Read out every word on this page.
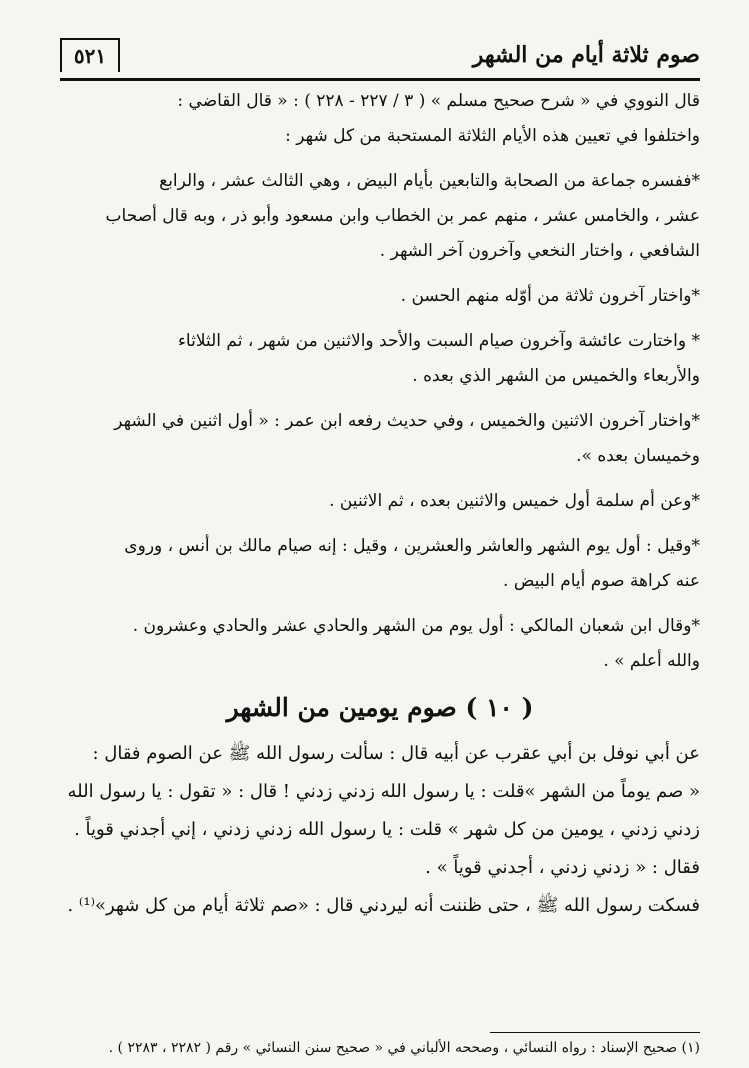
٥٢١	صوم ثلاثة أيام من الشهر
قال النووي في « شرح صحيح مسلم » ( ٣ / ٢٢٧ - ٢٢٨ ) : « قال القاضي :
واختلفوا في تعيين هذه الأيام الثلاثة المستحبة من كل شهر :
*ففسره جماعة من الصحابة والتابعين بأيام البيض ، وهي الثالث عشر ، والرابع
عشر ، والخامس عشر ، منهم عمر بن الخطاب وابن مسعود وأبو ذر ، وبه قال أصحاب
الشافعي ، واختار النخعي وآخرون آخر الشهر .
*واختار آخرون ثلاثة من أوّله منهم الحسن .
* واختارت عائشة وآخرون صيام السبت والأحد والاثنين من شهر ، ثم الثلاثاء
والأربعاء والخميس من الشهر الذي بعده .
*واختار آخرون الاثنين والخميس ، وفي حديث رفعه ابن عمر : « أول اثنين في الشهر
وخميسان بعده ».
*وعن أم سلمة أول خميس والاثنين بعده ، ثم الاثنين .
*وقيل : أول يوم الشهر والعاشر والعشرين ، وقيل : إنه صيام مالك بن أنس ، وروى
عنه كراهة صوم أيام البيض .
*وقال ابن شعبان المالكي : أول يوم من الشهر والحادي عشر والحادي وعشرون .
والله أعلم » .
( ١٠ ) صوم يومين من الشهر
عن أبي نوفل بن أبي عقرب عن أبيه قال : سألت رسول الله ﷺ عن الصوم فقال :
« صم يوماً من الشهر »قلت : يا رسول الله زدني زدني ! قال : « تقول : يا رسول الله
زدني زدني ، يومين من كل شهر » قلت : يا رسول الله زدني زدني ، إني أجدني قوياً .
فقال : « زدني زدني ، أجدني قوياً » .
فسكت رسول الله ﷺ ، حتى ظننت أنه ليردني قال : «صم ثلاثة أيام من كل شهر»⁽¹⁾ .
(١) صحيح الإسناد : رواه النسائي ، وصححه الألباني في « صحيح سنن النسائي » رقم ( ٢٢٨٢ ، ٢٢٨٣ ) .
